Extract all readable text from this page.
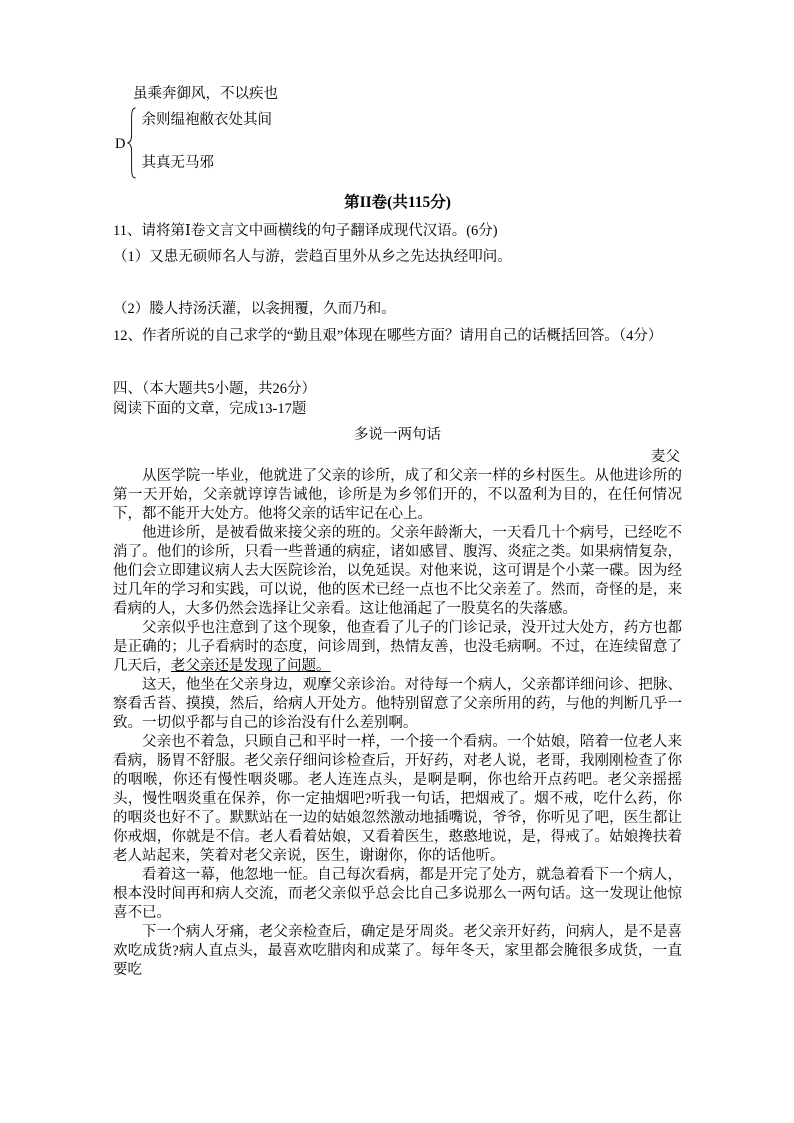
虽乘奔御风，不以疾也
D
余则缊袍敝衣处其间
其真无马邪
第II卷(共115分)
11、请将第Ⅰ卷文言文中画横线的句子翻译成现代汉语。(6分)
（1）又患无硕师名人与游，尝趋百里外从乡之先达执经叩问。
（2）媵人持汤沃灌，以衾拥覆，久而乃和。
12、作者所说的自己求学的“勤且艰”体现在哪些方面？请用自己的话概括回答。（4分）
四、（本大题共5小题，共26分）
阅读下面的文章，完成13-17题
多说一两句话
麦父
从医学院一毕业，他就进了父亲的诊所，成了和父亲一样的乡村医生。从他进诊所的第一天开始，父亲就谆谆告诫他，诊所是为乡邻们开的，不以盈利为目的，在任何情况下，都不能开大处方。他将父亲的话牢记在心上。
他进诊所，是被看做来接父亲的班的。父亲年龄渐大，一天看几十个病号，已经吃不消了。他们的诊所，只看一些普通的病症，诸如感冒、腹泻、炎症之类。如果病情复杂，他们会立即建议病人去大医院诊治，以免延误。对他来说，这可谓是个小菜一碟。因为经过几年的学习和实践，可以说，他的医术已经一点也不比父亲差了。然而，奇怪的是，来看病的人，大多仍然会选择让父亲看。这让他涌起了一股莫名的失落感。
父亲似乎也注意到了这个现象，他查看了儿子的门诊记录，没开过大处方，药方也都是正确的；儿子看病时的态度，问诊周到，热情友善，也没毛病啊。不过，在连续留意了几天后，老父亲还是发现了问题。
这天，他坐在父亲身边，观摩父亲诊治。对待每一个病人，父亲都详细问诊、把脉、察看舌苔、摸摸，然后，给病人开处方。他特别留意了父亲所用的药，与他的判断几乎一致。一切似乎都与自己的诊治没有什么差别啊。
父亲也不着急，只顾自己和平时一样，一个接一个看病。一个姑娘，陪着一位老人来看病，肠胃不舒服。老父亲仔细问诊检查后，开好药，对老人说，老哥，我刚刚检查了你的咽喉，你还有慢性咽炎哪。老人连连点头，是啊是啊，你也给开点药吧。老父亲摇摇头，慢性咽炎重在保养，你一定抽烟吧?听我一句话，把烟戒了。烟不戒，吃什么药，你的咽炎也好不了。默默站在一边的姑娘忽然激动地插嘴说，爷爷，你听见了吧，医生都让你戒烟，你就是不信。老人看着姑娘，又看着医生，憨憨地说，是，得戒了。姑娘搀扶着老人站起来，笑着对老父亲说，医生，谢谢你，你的话他听。
看着这一幕，他忽地一怔。自己每次看病，都是开完了处方，就急着看下一个病人，根本没时间再和病人交流，而老父亲似乎总会比自己多说那么一两句话。这一发现让他惊喜不已。
下一个病人牙痛，老父亲检查后，确定是牙周炎。老父亲开好药，问病人，是不是喜欢吃成货?病人直点头，最喜欢吃腊肉和成菜了。每年冬天，家里都会腌很多成货，一直要吃
